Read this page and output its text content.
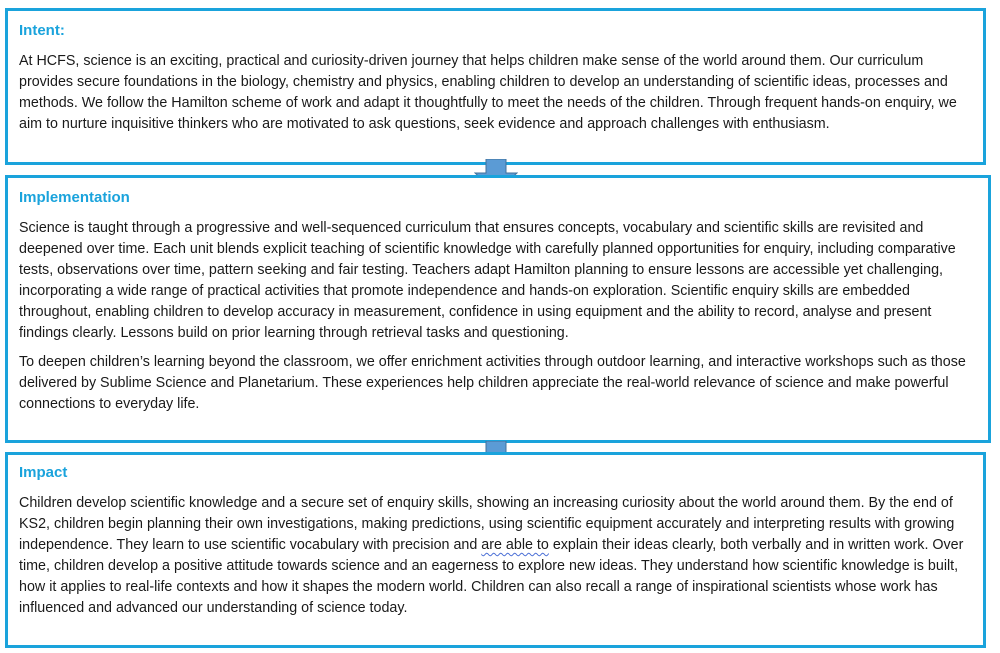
Intent:

At HCFS, science is an exciting, practical and curiosity-driven journey that helps children make sense of the world around them. Our curriculum provides secure foundations in the biology, chemistry and physics, enabling children to develop an understanding of scientific ideas, processes and methods. We follow the Hamilton scheme of work and adapt it thoughtfully to meet the needs of the children. Through frequent hands-on enquiry, we aim to nurture inquisitive thinkers who are motivated to ask questions, seek evidence and approach challenges with enthusiasm.

Implementation

Science is taught through a progressive and well-sequenced curriculum that ensures concepts, vocabulary and scientific skills are revisited and deepened over time. Each unit blends explicit teaching of scientific knowledge with carefully planned opportunities for enquiry, including comparative tests, observations over time, pattern seeking and fair testing. Teachers adapt Hamilton planning to ensure lessons are accessible yet challenging, incorporating a wide range of practical activities that promote independence and hands-on exploration. Scientific enquiry skills are embedded throughout, enabling children to develop accuracy in measurement, confidence in using equipment and the ability to record, analyse and present findings clearly. Lessons build on prior learning through retrieval tasks and questioning.

To deepen children’s learning beyond the classroom, we offer enrichment activities through outdoor learning, and interactive workshops such as those delivered by Sublime Science and Planetarium. These experiences help children appreciate the real-world relevance of science and make powerful connections to everyday life.

Impact

Children develop scientific knowledge and a secure set of enquiry skills, showing an increasing curiosity about the world around them. By the end of KS2, children begin planning their own investigations, making predictions, using scientific equipment accurately and interpreting results with growing independence. They learn to use scientific vocabulary with precision and are able to explain their ideas clearly, both verbally and in written work. Over time, children develop a positive attitude towards science and an eagerness to explore new ideas. They understand how scientific knowledge is built, how it applies to real-life contexts and how it shapes the modern world. Children can also recall a range of inspirational scientists whose work has influenced and advanced our understanding of science today.
